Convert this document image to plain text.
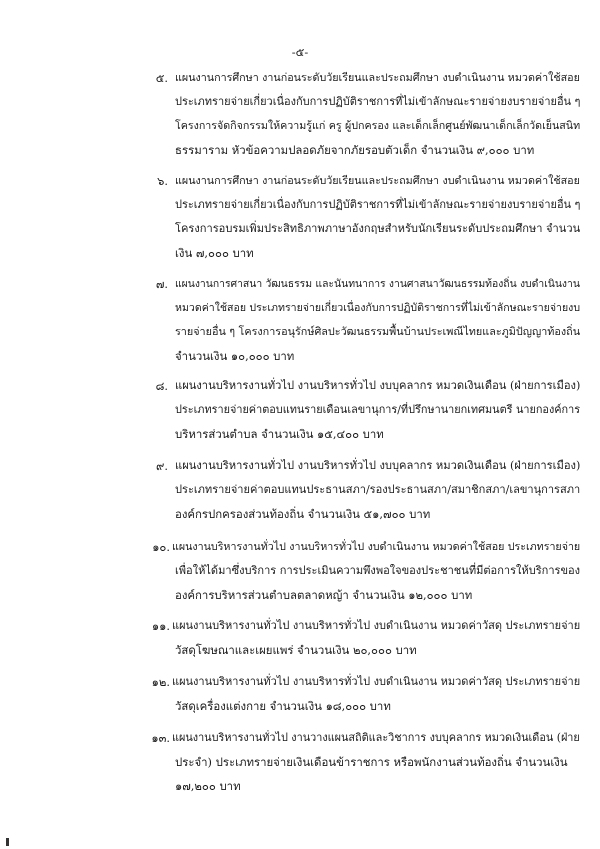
-๕-
๕. แผนงานการศึกษา งานก่อนระดับวัยเรียนและประถมศึกษา งบดำเนินงาน หมวดค่าใช้สอย
ประเภทรายจ่ายเกี่ยวเนื่องกับการปฏิบัติราชการที่ไม่เข้าลักษณะรายจ่ายงบรายจ่ายอื่น ๆ
โครงการจัดกิจกรรมให้ความรู้แก่ ครู ผู้ปกครอง และเด็กเล็กศูนย์พัฒนาเด็กเล็กวัดเย็นสนิท
ธรรมาราม หัวข้อความปลอดภัยจากภัยรอบตัวเด็ก จำนวนเงิน ๙,๐๐๐ บาท
๖. แผนงานการศึกษา งานก่อนระดับวัยเรียนและประถมศึกษา งบดำเนินงาน หมวดค่าใช้สอย
ประเภทรายจ่ายเกี่ยวเนื่องกับการปฏิบัติราชการที่ไม่เข้าลักษณะรายจ่ายงบรายจ่ายอื่น ๆ
โครงการอบรมเพิ่มประสิทธิภาพภาษาอังกฤษสำหรับนักเรียนระดับประถมศึกษา จำนวน
เงิน ๗,๐๐๐ บาท
๗. แผนงานการศาสนา วัฒนธรรม และนันทนาการ งานศาสนาวัฒนธรรมท้องถิ่น งบดำเนินงาน
หมวดค่าใช้สอย ประเภทรายจ่ายเกี่ยวเนื่องกับการปฏิบัติราชการที่ไม่เข้าลักษณะรายจ่ายงบ
รายจ่ายอื่น ๆ โครงการอนุรักษ์ศิลปะวัฒนธรรมพื้นบ้านประเพณีไทยและภูมิปัญญาท้องถิ่น
จำนวนเงิน ๑๐,๐๐๐ บาท
๘. แผนงานบริหารงานทั่วไป งานบริหารทั่วไป งบบุคลากร หมวดเงินเดือน (ฝ่ายการเมือง)
ประเภทรายจ่ายค่าตอบแทนรายเดือนเลขานุการ/ที่ปรึกษานายกเทศมนตรี นายกองค์การ
บริหารส่วนตำบล จำนวนเงิน ๑๕,๔๐๐ บาท
๙. แผนงานบริหารงานทั่วไป งานบริหารทั่วไป งบบุคลากร หมวดเงินเดือน (ฝ่ายการเมือง)
ประเภทรายจ่ายค่าตอบแทนประธานสภา/รองประธานสภา/สมาชิกสภา/เลขานุการสภา
องค์กรปกครองส่วนท้องถิ่น จำนวนเงิน ๕๑,๗๐๐ บาท
๑๐. แผนงานบริหารงานทั่วไป งานบริหารทั่วไป งบดำเนินงาน หมวดค่าใช้สอย ประเภทรายจ่าย
เพื่อให้ได้มาซึ่งบริการ การประเมินความพึงพอใจของประชาชนที่มีต่อการให้บริการของ
องค์การบริหารส่วนตำบลตลาดหญ้า จำนวนเงิน ๑๒,๐๐๐ บาท
๑๑. แผนงานบริหารงานทั่วไป งานบริหารทั่วไป งบดำเนินงาน หมวดค่าวัสดุ ประเภทรายจ่าย
วัสดุโฆษณาและเผยแพร่ จำนวนเงิน ๒๐,๐๐๐ บาท
๑๒. แผนงานบริหารงานทั่วไป งานบริหารทั่วไป งบดำเนินงาน หมวดค่าวัสดุ ประเภทรายจ่าย
วัสดุเครื่องแต่งกาย จำนวนเงิน ๑๘,๐๐๐ บาท
๑๓. แผนงานบริหารงานทั่วไป งานวางแผนสถิติและวิชาการ งบบุคลากร หมวดเงินเดือน (ฝ่าย
ประจำ) ประเภทรายจ่ายเงินเดือนข้าราชการ หรือพนักงานส่วนท้องถิ่น จำนวนเงิน
๑๗,๒๐๐ บาท
